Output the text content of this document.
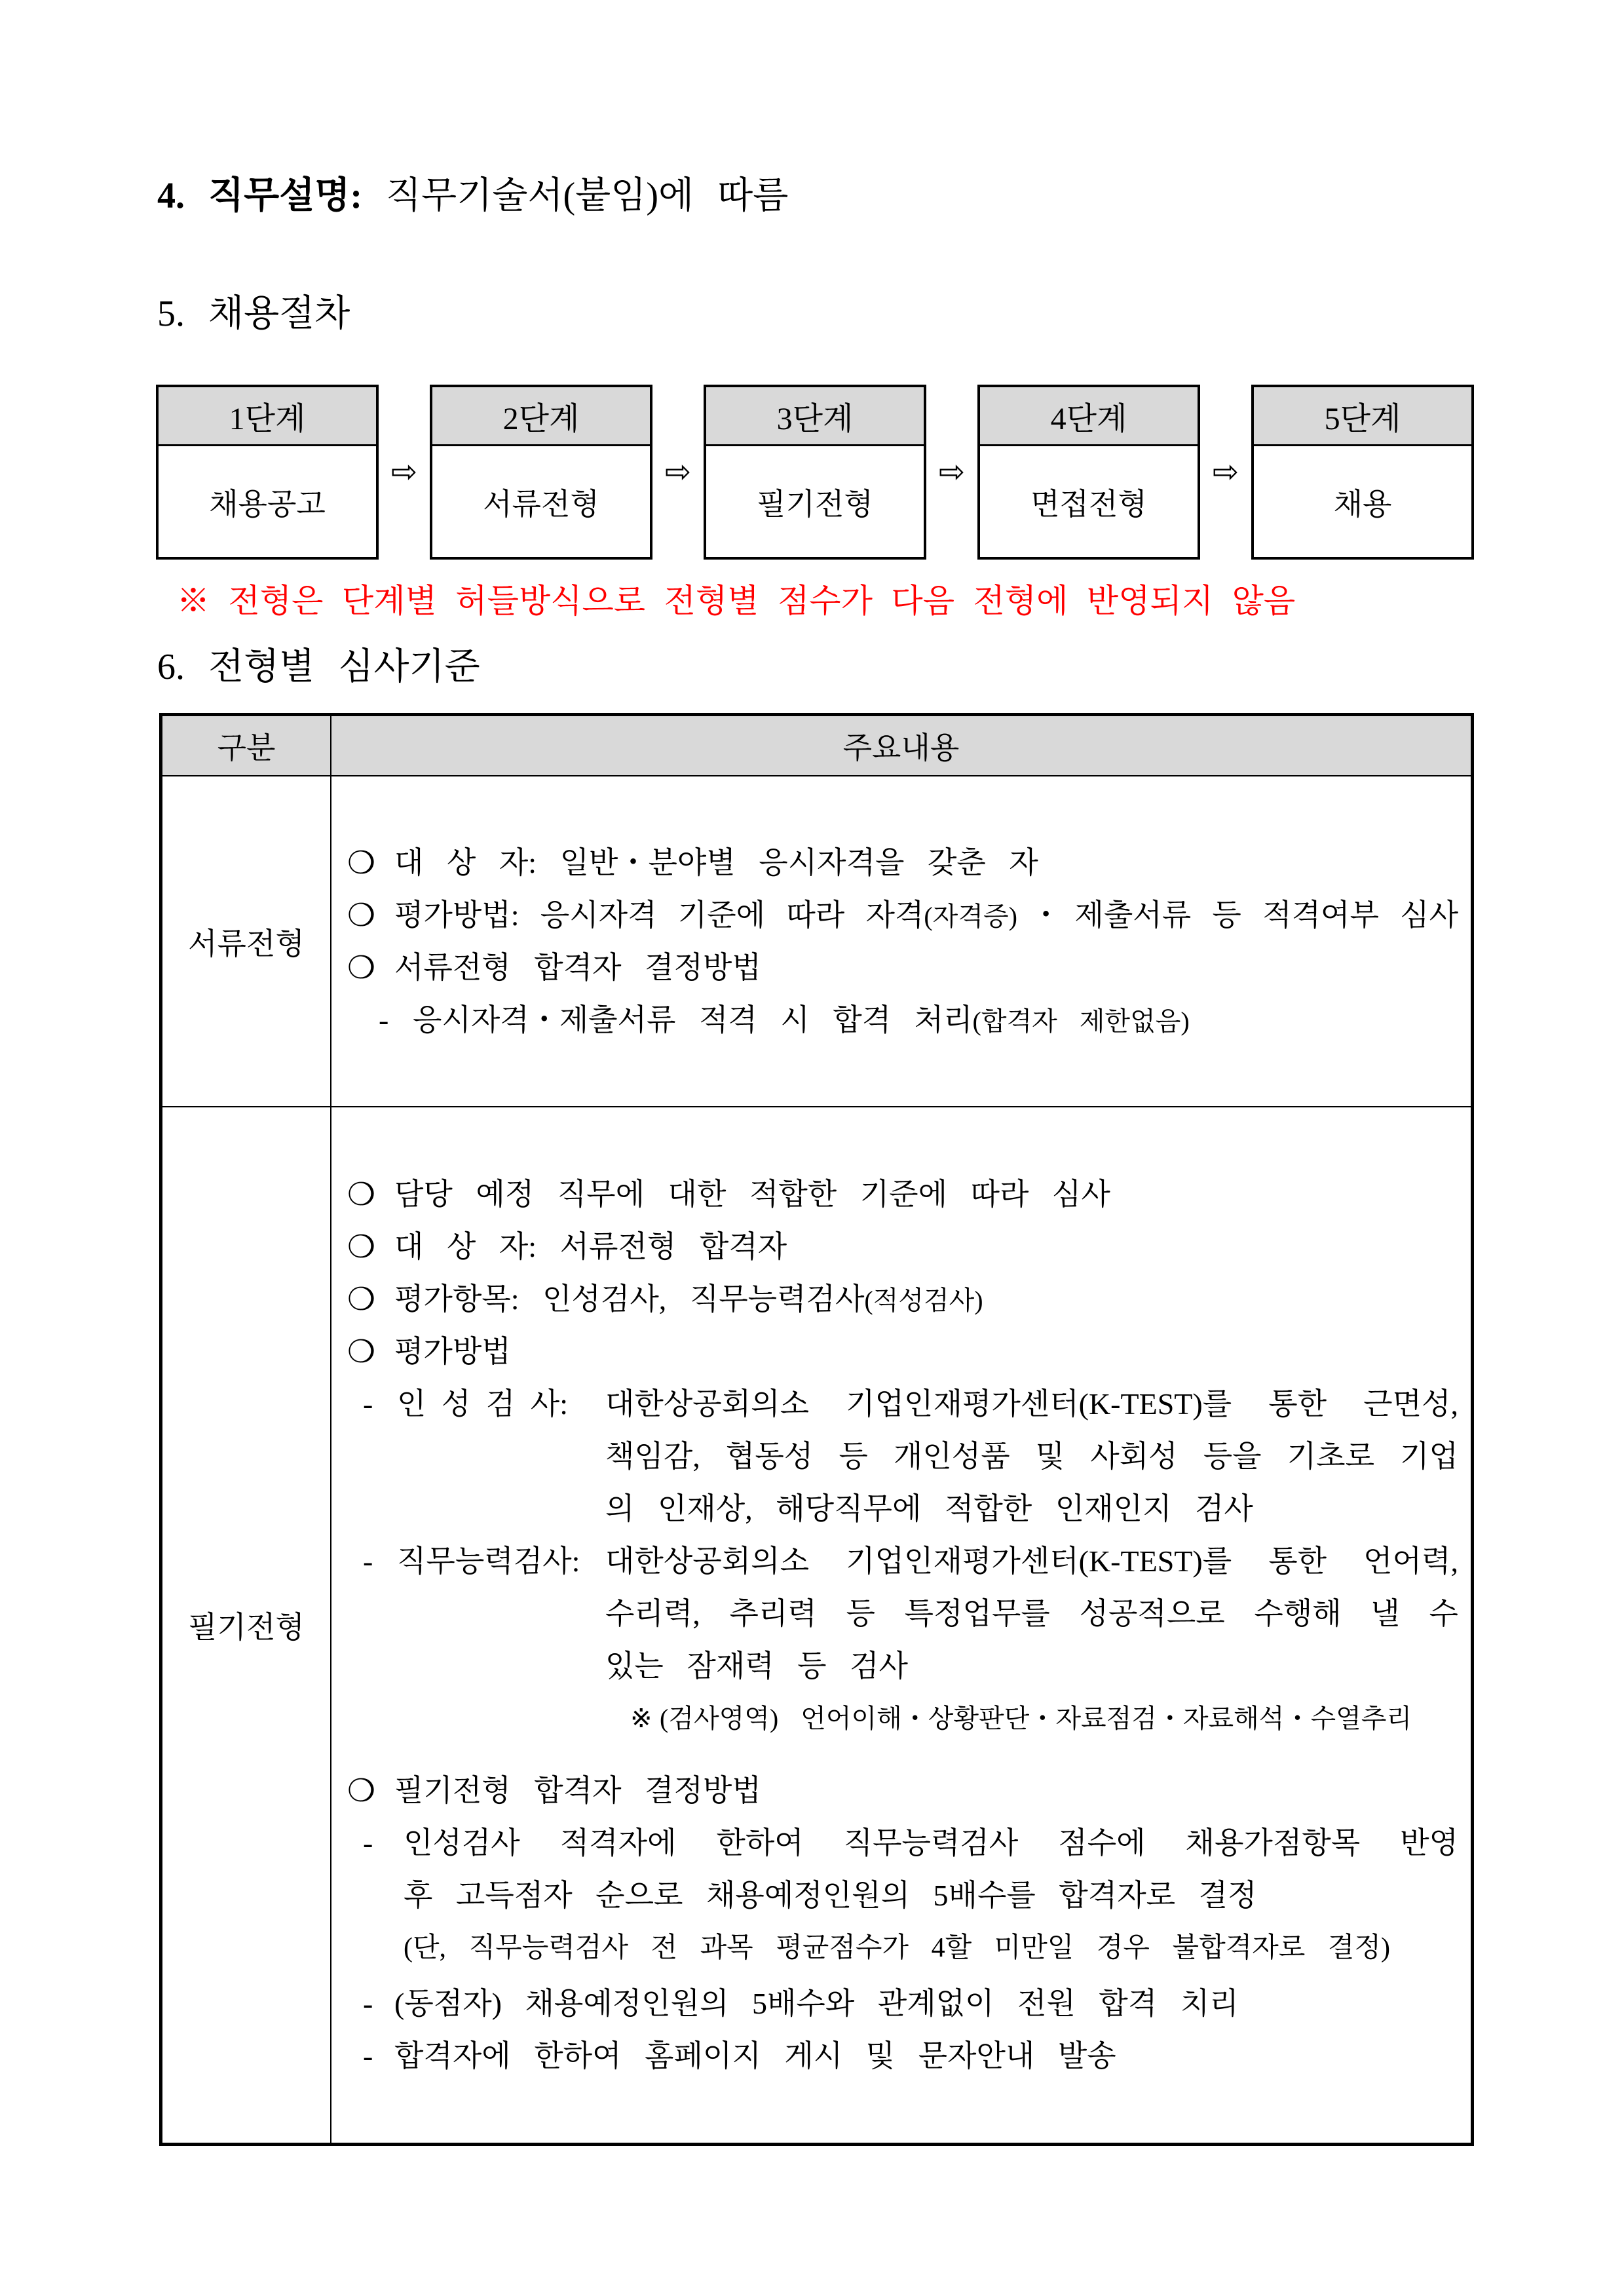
4. 직무설명: 직무기술서(붙임)에 따름
5. 채용절차
1단계
채용공고
⇨
2단계
서류전형
⇨
3단계
필기전형
⇨
4단계
면접전형
⇨
5단계
채용
※ 전형은 단계별 허들방식으로 전형별 점수가 다음 전형에 반영되지 않음
6. 전형별 심사기준
구분	주요내용
서류전형
❍ 대 상 자: 일반・분야별 응시자격을 갖춘 자
❍ 평가방법: 응시자격 기준에 따라 자격(자격증)・제출서류 등 적격여부 심사
❍ 서류전형 합격자 결정방법
- 응시자격・제출서류 적격 시 합격 처리(합격자 제한없음)
필기전형
❍ 담당 예정 직무에 대한 적합한 기준에 따라 심사
❍ 대 상 자: 서류전형 합격자
❍ 평가항목: 인성검사, 직무능력검사(적성검사)
❍ 평가방법
- 인 성 검 사: 대한상공회의소 기업인재평가센터(K-TEST)를 통한 근면성,
책임감, 협동성 등 개인성품 및 사회성 등을 기초로 기업
의 인재상, 해당직무에 적합한 인재인지 검사
- 직무능력검사: 대한상공회의소 기업인재평가센터(K-TEST)를 통한 언어력,
수리력, 추리력 등 특정업무를 성공적으로 수행해 낼 수
있는 잠재력 등 검사
※ (검사영역) 언어이해・상황판단・자료점검・자료해석・수열추리
❍ 필기전형 합격자 결정방법
- 인성검사 적격자에 한하여 직무능력검사 점수에 채용가점항목 반영
후 고득점자 순으로 채용예정인원의 5배수를 합격자로 결정
(단, 직무능력검사 전 과목 평균점수가 4할 미만일 경우 불합격자로 결정)
- (동점자) 채용예정인원의 5배수와 관계없이 전원 합격 치리
- 합격자에 한하여 홈페이지 게시 및 문자안내 발송
